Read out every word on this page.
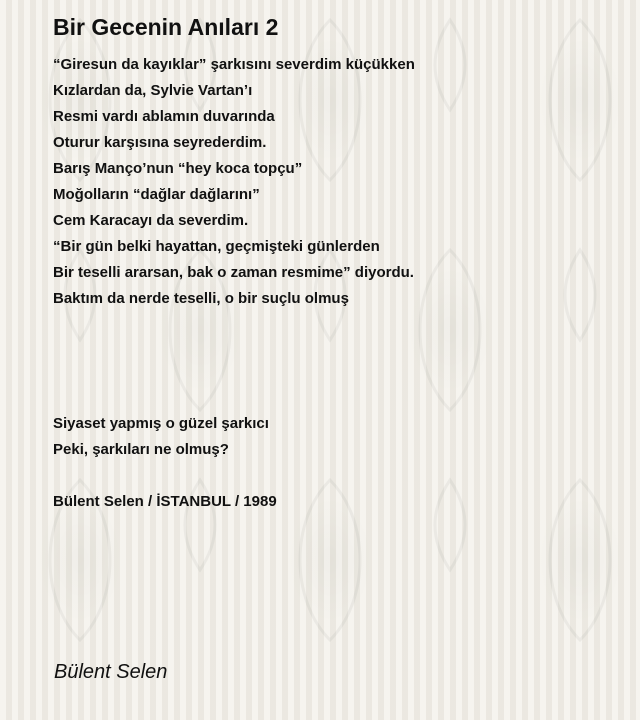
Bir Gecenin Anıları 2
“Giresun da kayıklar” şarkısını severdim küçükken
Kızlardan da, Sylvie Vartan’ı
Resmi vardı ablamın duvarında
Oturur karşısına seyrederdim.
Barış Manço’nun “hey koca topçu”
Moğolların “dağlar dağlarını”
Cem Karacayı da severdim.
“Bir gün belki hayattan, geçmişteki günlerden
Bir teselli ararsan, bak o zaman resmime” diyordu.
Baktım da nerde teselli, o bir suçlu olmuş
Siyaset yapmış o güzel şarkıcı
Peki, şarkıları ne olmuş?
Bülent Selen / İSTANBUL / 1989

Bülent Selen
